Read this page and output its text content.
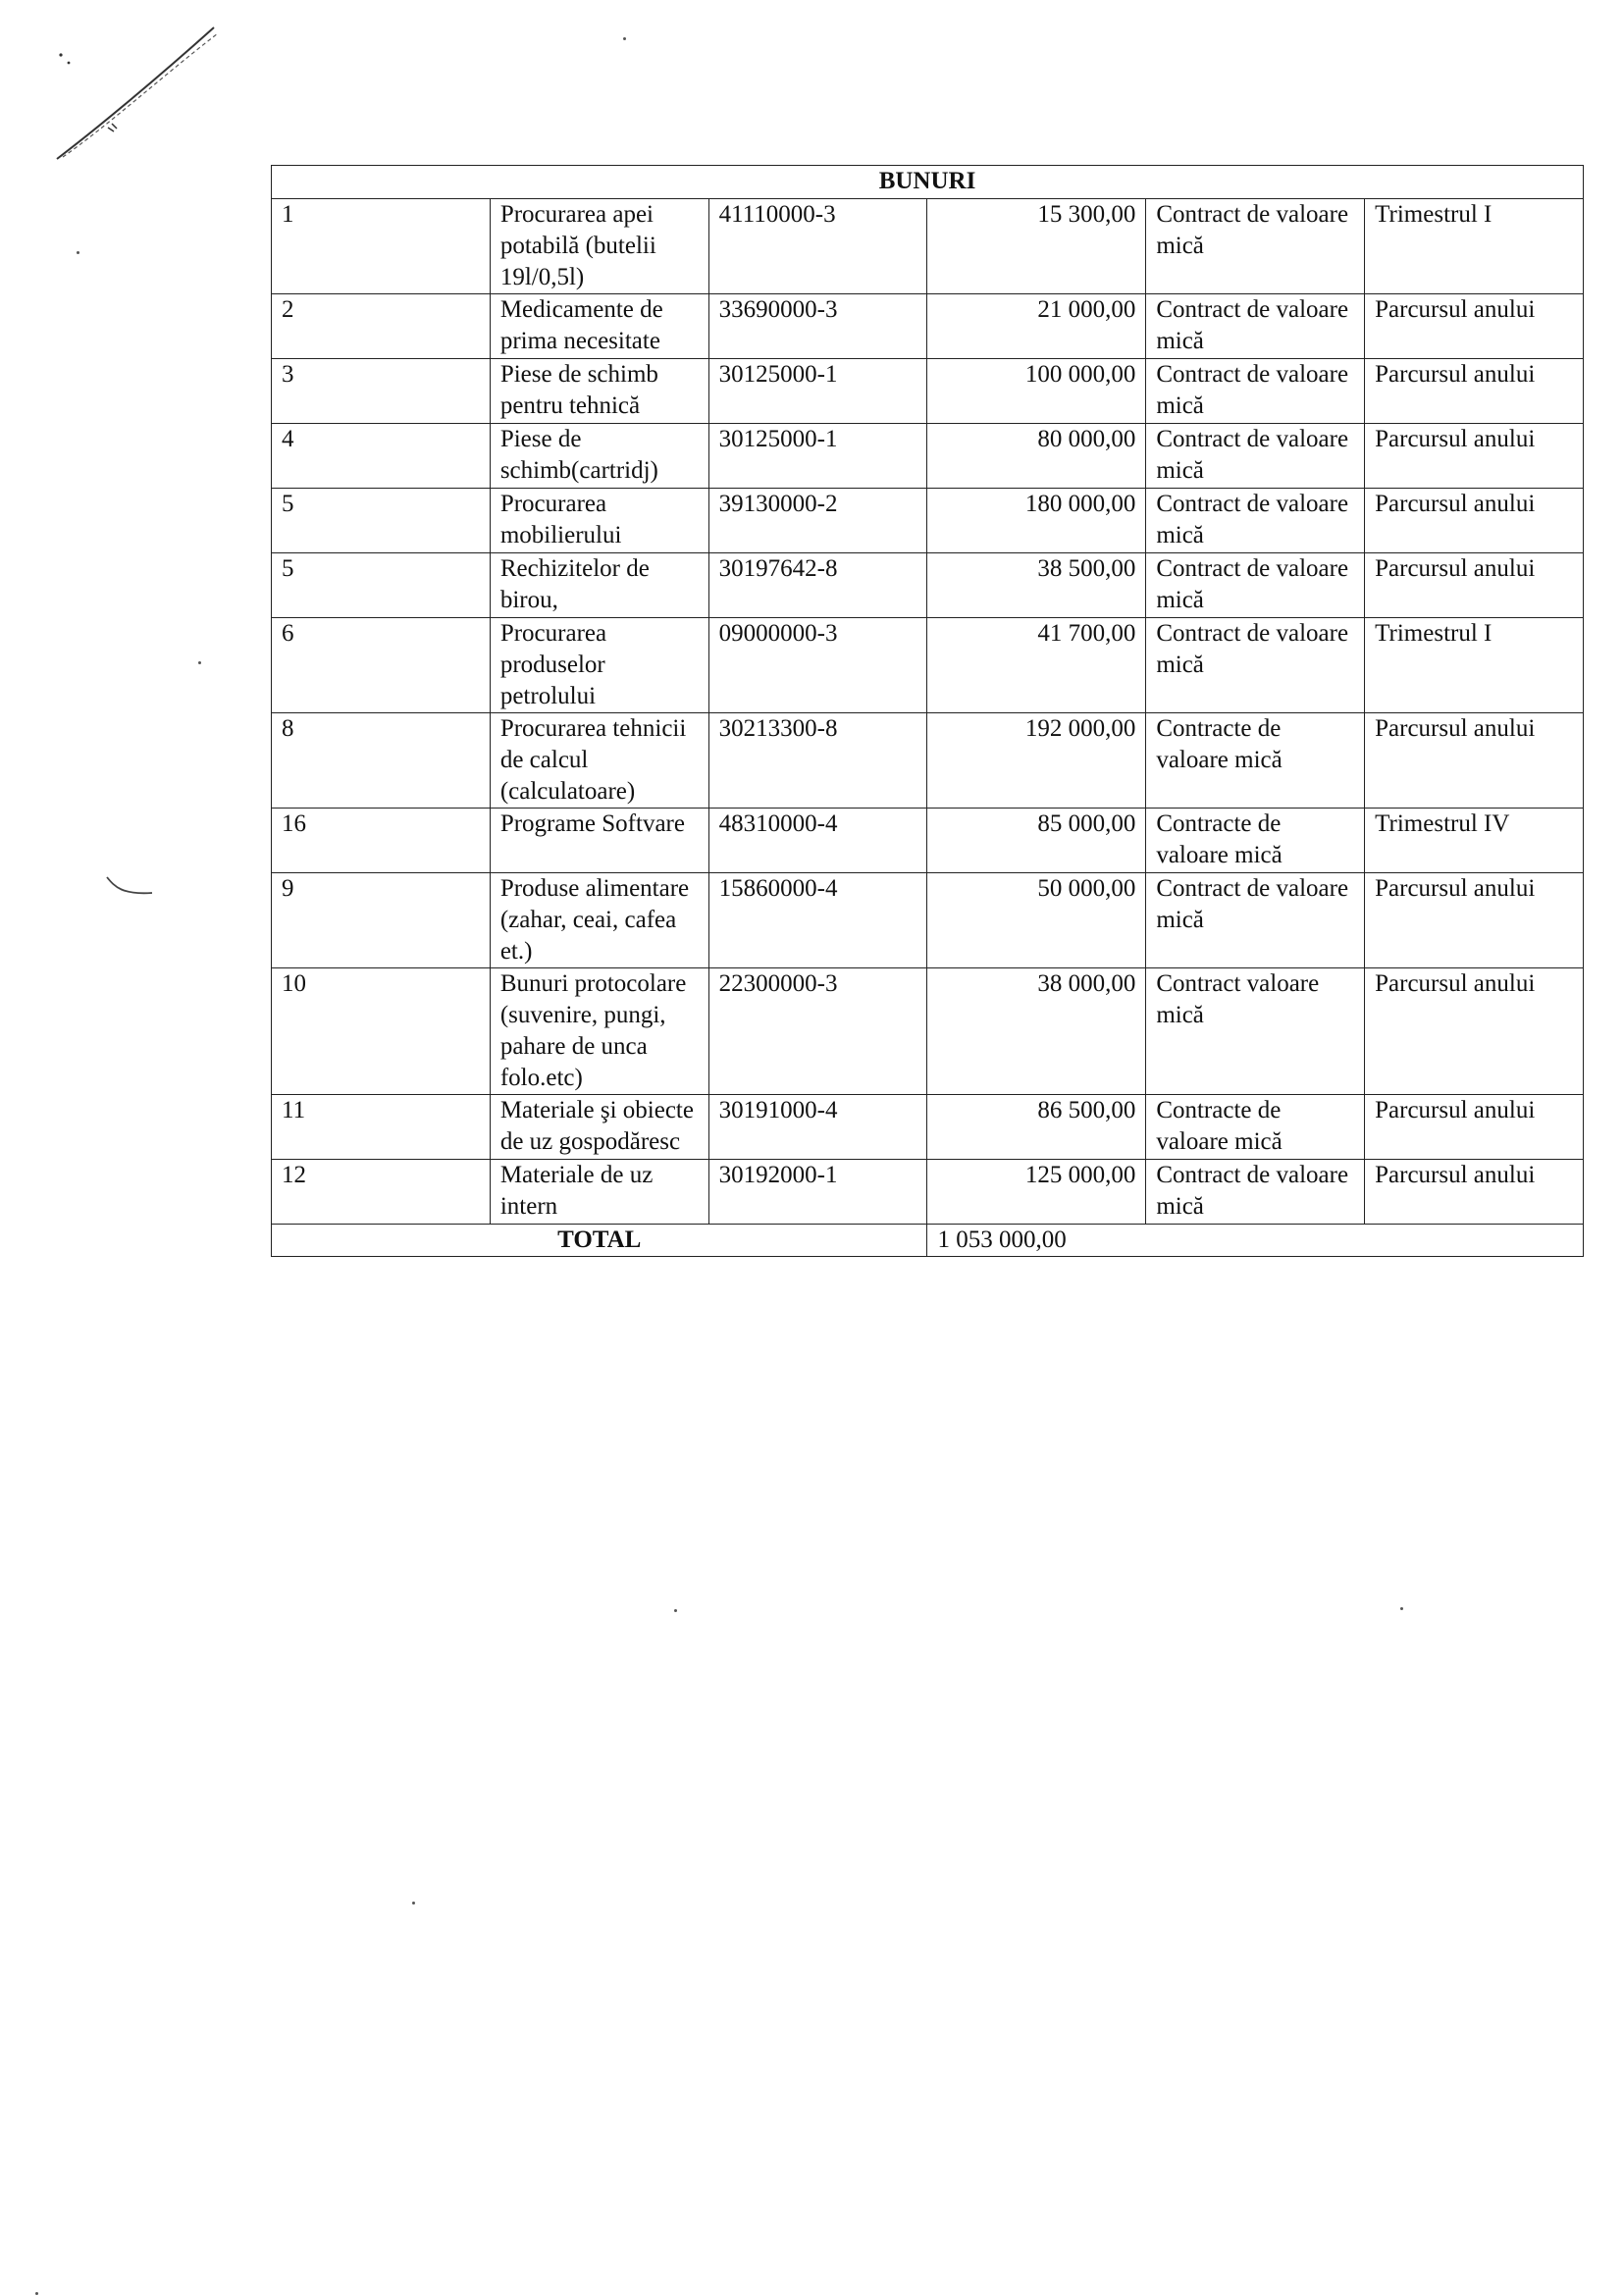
BUNURI					
1	Procurarea apei potabilă (butelii 19l/0,5l)	41110000-3	15 300,00	Contract de valoare mică	Trimestrul I
2	Medicamente de prima necesitate	33690000-3	21 000,00	Contract de valoare mică	Parcursul anului
3	Piese de schimb pentru tehnică	30125000-1	100 000,00	Contract de valoare mică	Parcursul anului
4	Piese de schimb(cartridj)	30125000-1	80 000,00	Contract de valoare mică	Parcursul anului
5	Procurarea mobilierului	39130000-2	180 000,00	Contract de valoare mică	Parcursul anului
5	Rechizitelor de birou,	30197642-8	38 500,00	Contract de valoare mică	Parcursul anului
6	Procurarea produselor petrolului	09000000-3	41 700,00	Contract de valoare mică	Trimestrul I
8	Procurarea tehnicii de calcul (calculatoare)	30213300-8	192 000,00	Contracte de valoare mică	Parcursul anului
16	Programe Softvare	48310000-4	85 000,00	Contracte de valoare mică	Trimestrul IV
9	Produse alimentare (zahar, ceai, cafea et.)	15860000-4	50 000,00	Contract de valoare mică	Parcursul anului
10	Bunuri protocolare (suvenire, pungi, pahare de unca folo.etc)	22300000-3	38 000,00	Contract valoare mică	Parcursul anului
11	Materiale şi obiecte de uz gospodăresc	30191000-4	86 500,00	Contracte de valoare mică	Parcursul anului
12	Materiale de uz intern	30192000-1	125 000,00	Contract de valoare mică	Parcursul anului
TOTAL			1 053 000,00		
